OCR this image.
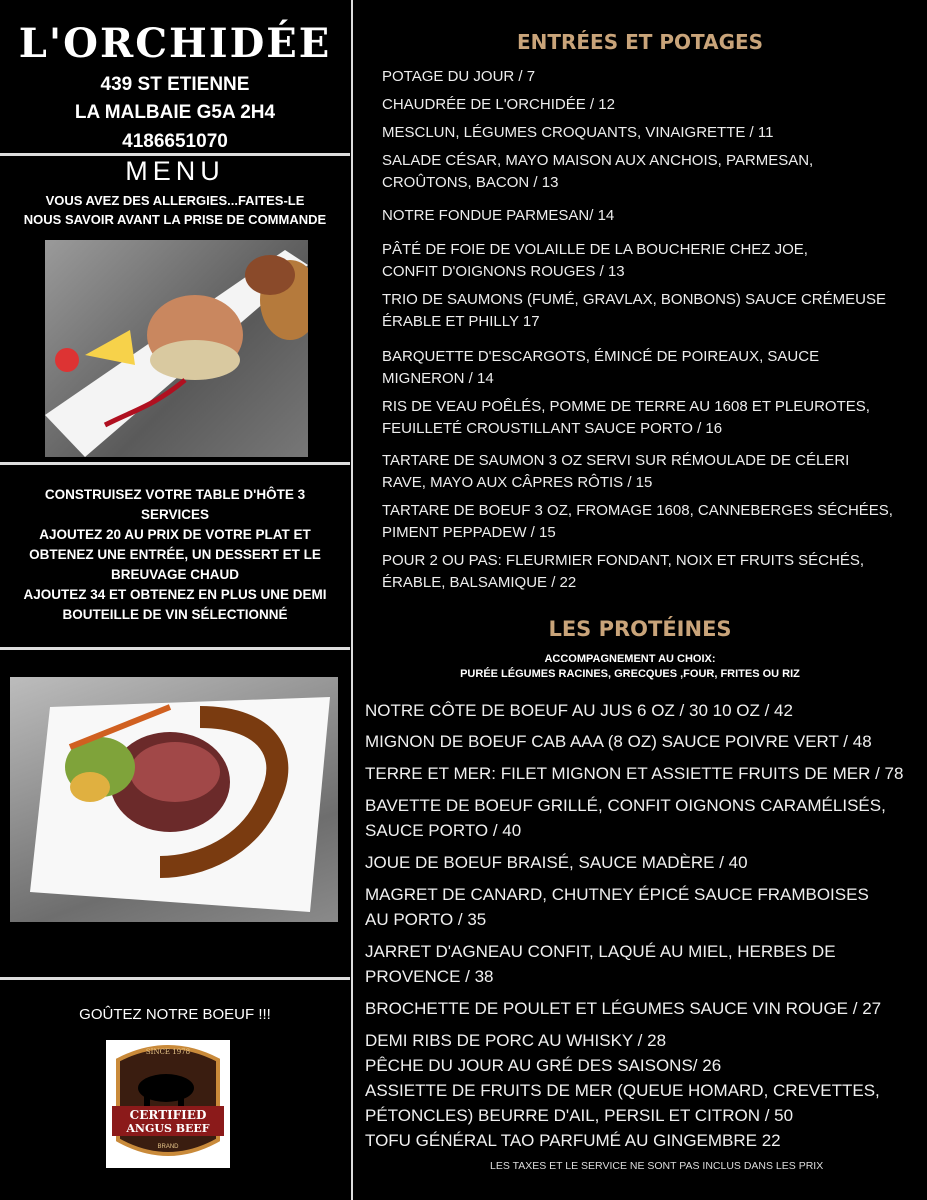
L'ORCHIDÉE
439 ST ETIENNE
LA MALBAIE G5A 2H4
4186651070
MENU
VOUS AVEZ DES ALLERGIES...FAITES-LE
NOUS SAVOIR AVANT LA PRISE DE COMMANDE
CONSTRUISEZ VOTRE TABLE D'HÔTE 3
SERVICES
AJOUTEZ 20 AU PRIX DE VOTRE PLAT ET
OBTENEZ UNE ENTRÉE, UN DESSERT ET LE
BREUVAGE CHAUD
AJOUTEZ 34 ET OBTENEZ EN PLUS UNE DEMI
BOUTEILLE DE VIN SÉLECTIONNÉ
GOÛTEZ NOTRE BOEUF !!!
SINCE 1978
CERTIFIED
ANGUS BEEF
BRAND
ENTRÉES ET POTAGES
POTAGE DU JOUR / 7
CHAUDRÉE DE L'ORCHIDÉE / 12
MESCLUN, LÉGUMES CROQUANTS, VINAIGRETTE / 11
SALADE CÉSAR, MAYO MAISON AUX ANCHOIS, PARMESAN,
CROÛTONS, BACON / 13
NOTRE FONDUE PARMESAN/ 14
PÂTÉ DE FOIE DE VOLAILLE DE LA BOUCHERIE CHEZ JOE,
CONFIT D'OIGNONS ROUGES / 13
TRIO DE SAUMONS (FUMÉ, GRAVLAX, BONBONS) SAUCE CRÉMEUSE
ÉRABLE ET PHILLY 17
BARQUETTE D'ESCARGOTS, ÉMINCÉ DE POIREAUX, SAUCE
MIGNERON / 14
RIS DE VEAU POÊLÉS, POMME DE TERRE AU 1608 ET PLEUROTES,
FEUILLETÉ CROUSTILLANT SAUCE PORTO / 16
TARTARE DE SAUMON 3 OZ SERVI SUR RÉMOULADE DE CÉLERI
RAVE, MAYO AUX CÂPRES RÔTIS / 15
TARTARE DE BOEUF 3 OZ, FROMAGE 1608, CANNEBERGES SÉCHÉES,
PIMENT PEPPADEW / 15
POUR 2 OU PAS: FLEURMIER FONDANT, NOIX ET FRUITS SÉCHÉS,
ÉRABLE, BALSAMIQUE / 22
LES PROTÉINES
ACCOMPAGNEMENT AU CHOIX:
PURÉE LÉGUMES RACINES, GRECQUES ,FOUR, FRITES OU RIZ
NOTRE CÔTE DE BOEUF AU JUS 6 OZ / 30 10 OZ / 42
MIGNON DE BOEUF CAB AAA (8 OZ) SAUCE POIVRE VERT / 48
TERRE ET MER: FILET MIGNON ET ASSIETTE FRUITS DE MER / 78
BAVETTE DE BOEUF GRILLÉ, CONFIT OIGNONS CARAMÉLISÉS,
SAUCE PORTO / 40
JOUE DE BOEUF BRAISÉ, SAUCE MADÈRE / 40
MAGRET DE CANARD, CHUTNEY ÉPICÉ SAUCE FRAMBOISES
AU PORTO / 35
JARRET D'AGNEAU CONFIT, LAQUÉ AU MIEL, HERBES DE
PROVENCE / 38
BROCHETTE DE POULET ET LÉGUMES SAUCE VIN ROUGE / 27
DEMI RIBS DE PORC AU WHISKY / 28
PÊCHE DU JOUR AU GRÉ DES SAISONS/ 26
ASSIETTE DE FRUITS DE MER (QUEUE HOMARD, CREVETTES,
PÉTONCLES) BEURRE D'AIL, PERSIL ET CITRON / 50
TOFU GÉNÉRAL TAO PARFUMÉ AU GINGEMBRE 22
LES TAXES ET LE SERVICE NE SONT PAS INCLUS DANS LES PRIX
